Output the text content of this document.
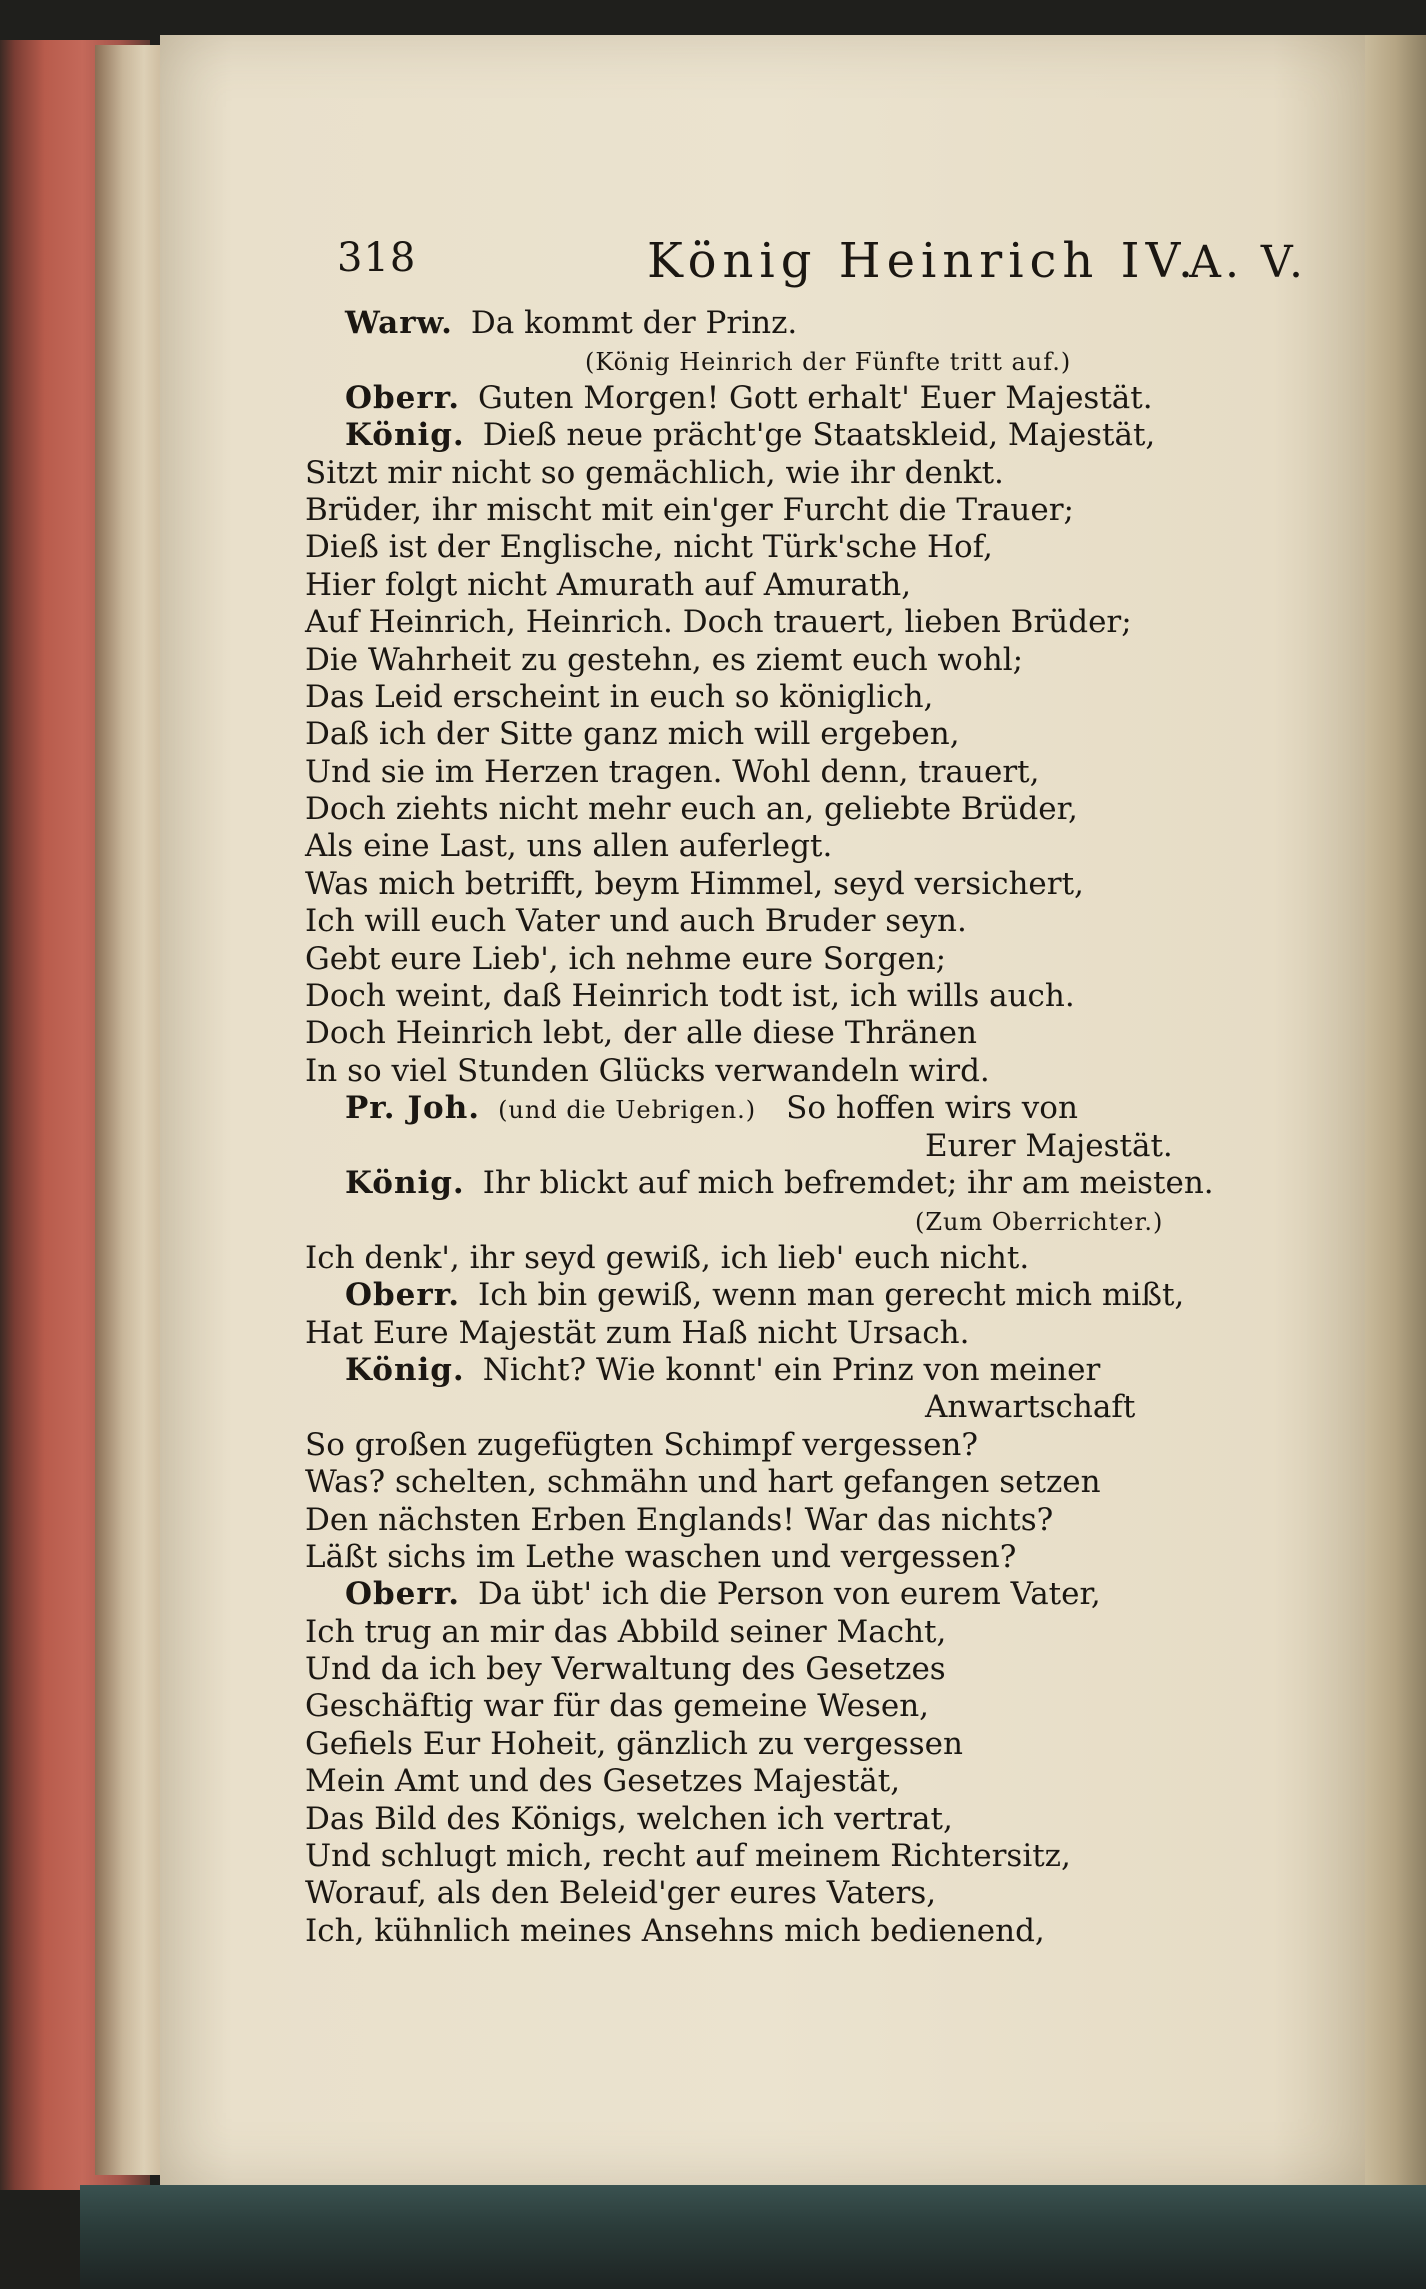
318	König Heinrich IV.
A. V.
Warw. Da kommt der Prinz.
(König Heinrich der Fünfte tritt auf.)
Oberr. Guten Morgen! Gott erhalt' Euer Majestät.
König. Dieß neue prächt'ge Staatskleid, Majestät,
Sitzt mir nicht so gemächlich, wie ihr denkt.
Brüder, ihr mischt mit ein'ger Furcht die Trauer;
Dieß ist der Englische, nicht Türk'sche Hof,
Hier folgt nicht Amurath auf Amurath,
Auf Heinrich, Heinrich. Doch trauert, lieben Brüder;
Die Wahrheit zu gestehn, es ziemt euch wohl;
Das Leid erscheint in euch so königlich,
Daß ich der Sitte ganz mich will ergeben,
Und sie im Herzen tragen. Wohl denn, trauert,
Doch ziehts nicht mehr euch an, geliebte Brüder,
Als eine Last, uns allen auferlegt.
Was mich betrifft, beym Himmel, seyd versichert,
Ich will euch Vater und auch Bruder seyn.
Gebt eure Lieb', ich nehme eure Sorgen;
Doch weint, daß Heinrich todt ist, ich wills auch.
Doch Heinrich lebt, der alle diese Thränen
In so viel Stunden Glücks verwandeln wird.
Pr. Joh. (und die Uebrigen.) So hoffen wirs von
Eurer Majestät.
König. Ihr blickt auf mich befremdet; ihr am meisten.
(Zum Oberrichter.)
Ich denk', ihr seyd gewiß, ich lieb' euch nicht.
Oberr. Ich bin gewiß, wenn man gerecht mich mißt,
Hat Eure Majestät zum Haß nicht Ursach.
König. Nicht? Wie konnt' ein Prinz von meiner
Anwartschaft
So großen zugefügten Schimpf vergessen?
Was? schelten, schmähn und hart gefangen setzen
Den nächsten Erben Englands! War das nichts?
Läßt sichs im Lethe waschen und vergessen?
Oberr. Da übt' ich die Person von eurem Vater,
Ich trug an mir das Abbild seiner Macht,
Und da ich bey Verwaltung des Gesetzes
Geschäftig war für das gemeine Wesen,
Gefiels Eur Hoheit, gänzlich zu vergessen
Mein Amt und des Gesetzes Majestät,
Das Bild des Königs, welchen ich vertrat,
Und schlugt mich, recht auf meinem Richtersitz,
Worauf, als den Beleid'ger eures Vaters,
Ich, kühnlich meines Ansehns mich bedienend,
